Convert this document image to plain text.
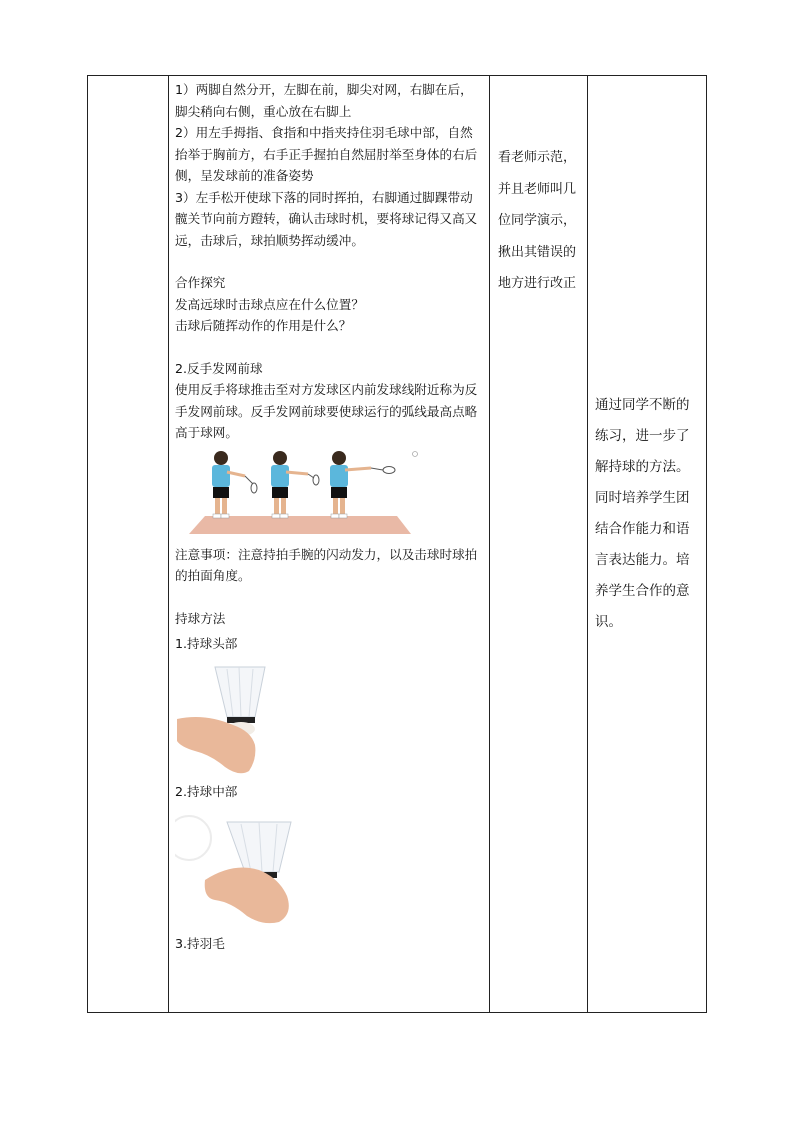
1）两脚自然分开，左脚在前，脚尖对网，右脚在后，脚尖稍向右侧，重心放在右脚上

2）用左手拇指、食指和中指夹持住羽毛球中部，自然抬举于胸前方，右手正手握拍自然屈肘举至身体的右后侧，呈发球前的准备姿势

3）左手松开使球下落的同时挥拍，右脚通过脚踝带动髋关节向前方蹬转，确认击球时机，要将球记得又高又远，击球后，球拍顺势挥动缓冲。

合作探究

发高远球时击球点应在什么位置？

击球后随挥动作的作用是什么？

2.反手发网前球

使用反手将球推击至对方发球区内前发球线附近称为反手发网前球。反手发网前球要使球运行的弧线最高点略高于球网。

注意事项：注意持拍手腕的闪动发力，以及击球时球拍的拍面角度。

持球方法

1.持球头部

2.持球中部

3.持羽毛

看老师示范，并且老师叫几位同学演示，揪出其错误的地方进行改正

通过同学不断的练习，进一步了解持球的方法。同时培养学生团结合作能力和语言表达能力。培养学生合作的意识。
